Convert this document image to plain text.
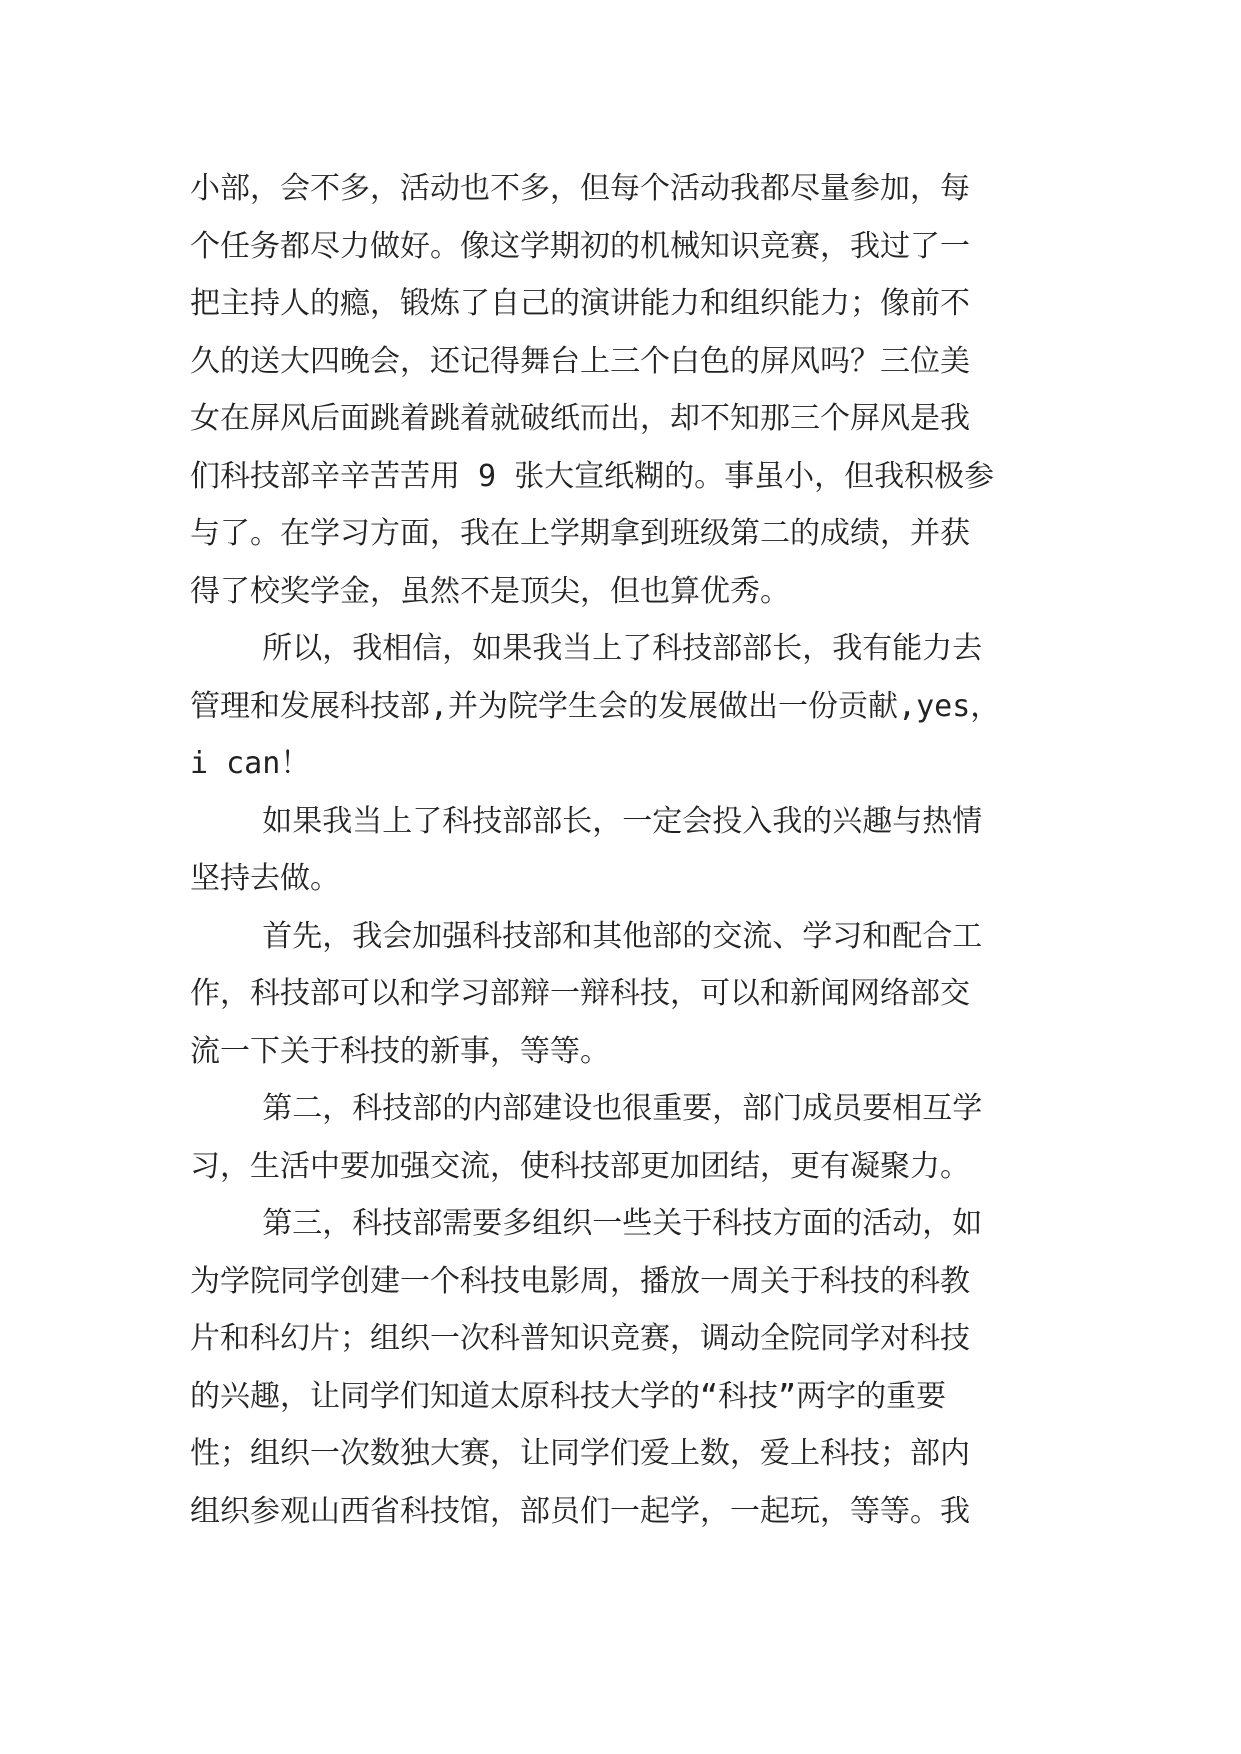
小部，会不多，活动也不多，但每个活动我都尽量参加，每
个任务都尽力做好。像这学期初的机械知识竞赛，我过了一
把主持人的瘾，锻炼了自己的演讲能力和组织能力；像前不
久的送大四晚会，还记得舞台上三个白色的屏风吗？三位美
女在屏风后面跳着跳着就破纸而出，却不知那三个屏风是我
们科技部辛辛苦苦用 9 张大宣纸糊的。事虽小，但我积极参
与了。在学习方面，我在上学期拿到班级第二的成绩，并获
得了校奖学金，虽然不是顶尖，但也算优秀。
所以，我相信，如果我当上了科技部部长，我有能力去
管理和发展科技部,并为院学生会的发展做出一份贡献,yes，
i can！
如果我当上了科技部部长，一定会投入我的兴趣与热情
坚持去做。
首先，我会加强科技部和其他部的交流、学习和配合工
作，科技部可以和学习部辩一辩科技，可以和新闻网络部交
流一下关于科技的新事，等等。
第二，科技部的内部建设也很重要，部门成员要相互学
习，生活中要加强交流，使科技部更加团结，更有凝聚力。
第三，科技部需要多组织一些关于科技方面的活动，如
为学院同学创建一个科技电影周，播放一周关于科技的科教
片和科幻片；组织一次科普知识竞赛，调动全院同学对科技
的兴趣，让同学们知道太原科技大学的“科技”两字的重要
性；组织一次数独大赛，让同学们爱上数，爱上科技；部内
组织参观山西省科技馆，部员们一起学，一起玩，等等。我
